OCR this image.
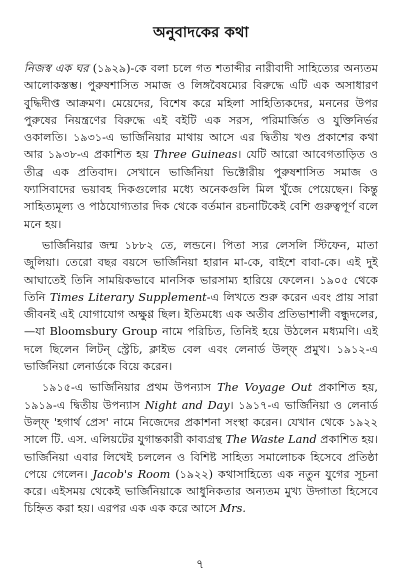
অনুবাদকের কথা

নিজস্ব এক ঘর (১৯২৯)-কে বলা চলে গত শতাব্দীর নারীবাদী সাহিত্যের অন্যতম আলোকস্তম্ভ। পুরুষশাসিত সমাজ ও লিঙ্গবৈষম্যের বিরুদ্ধে এটি এক অসাধারণ বুদ্ধিদীপ্ত আক্রমণ। মেয়েদের, বিশেষ করে মহিলা সাহিত্যিকদের, মননের উপর পুরুষের নিয়ন্ত্রণের বিরুদ্ধে এই বইটি এক সরস, পরিমার্জিত ও যুক্তিনির্ভর ওকালতি। ১৯৩১-এ ভার্জিনিয়ার মাথায় আসে এর দ্বিতীয় খণ্ড প্রকাশের কথা আর ১৯৩৮-এ প্রকাশিত হয় Three Guineas। যেটি আরো আবেগতাড়িত ও তীব্র এক প্রতিবাদ। সেখানে ভার্জিনিয়া ভিক্টোরীয় পুরুষশাসিত সমাজ ও ফ্যাসিবাদের ভয়াবহ দিকগুলোর মধ্যে অনেকগুলি মিল খুঁজে পেয়েছেন। কিন্তু সাহিত্যমূল্য ও পাঠযোগ্যতার দিক থেকে বর্তমান রচনাটিকেই বেশি গুরুত্বপূর্ণ বলে মনে হয়।

ভার্জিনিয়ার জন্ম ১৮৮২ তে, লন্ডনে। পিতা স্যর লেসলি স্টিফেন, মাতা জুলিয়া। তেরো বছর বয়সে ভার্জিনিয়া হারান মা-কে, বাইশে বাবা-কে। এই দুই আঘাতেই তিনি সাময়িকভাবে মানসিক ভারসাম্য হারিয়ে ফেলেন। ১৯০৫ থেকে তিনি Times Literary Supplement-এ লিখতে শুরু করেন এবং প্রায় সারা জীবনই এই যোগাযোগ অক্ষুণ্ণ ছিল। ইতিমধ্যে এক অতীব প্রতিভাশালী বন্ধুদলের,—যা Bloomsbury Group নামে পরিচিত, তিনিই হয়ে উঠলেন মধ্যমণি। এই দলে ছিলেন লিটন্ স্ট্রেচি, ক্লাইভ বেল এবং লেনার্ড উল্ফ্ প্রমুখ। ১৯১২-এ ভার্জিনিয়া লেনার্ডকে বিয়ে করেন।

১৯১৫-এ ভার্জিনিয়ার প্রথম উপন্যাস The Voyage Out প্রকাশিত হয়, ১৯১৯-এ দ্বিতীয় উপন্যাস Night and Day। ১৯১৭-এ ভার্জিনিয়া ও লেনার্ড উল্ফ্ 'হগার্থ প্রেস' নামে নিজেদের প্রকাশনা সংস্থা করেন। যেখান থেকে ১৯২২ সালে টি. এস. এলিয়টের যুগান্তকারী কাব্যগ্রন্থ The Waste Land প্রকাশিত হয়। ভার্জিনিয়া এবার লিখেই চললেন ও বিশিষ্ট সাহিত্য সমালোচক হিসেবে প্রতিষ্ঠা পেয়ে গেলেন। Jacob's Room (১৯২২) কথাসাহিত্যে এক নতুন যুগের সূচনা করে। এইসময় থেকেই ভার্জিনিয়াকে আধুনিকতার অন্যতম মুখ্য উদ্গাতা হিসেবে চিহ্নিত করা হয়। এরপর এক এক করে আসে Mrs.

৭
